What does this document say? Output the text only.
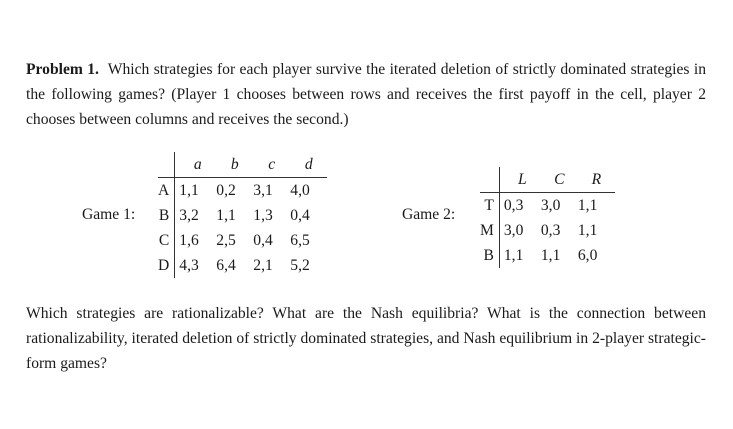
Problem 1. Which strategies for each player survive the iterated deletion of strictly dominated strategies in the following games? (Player 1 chooses between rows and receives the first payoff in the cell, player 2 chooses between columns and receives the second.)

Game 1:
		a	b	c	d
A		1,1	0,2	3,1	4,0
B		3,2	1,1	1,3	0,4
C		1,6	2,5	0,4	6,5
D		4,3	6,4	2,1	5,2
Game 2:
		L	C	R
T		0,3	3,0	1,1
M		3,0	0,3	1,1
B		1,1	1,1	6,0

Which strategies are rationalizable? What are the Nash equilibria? What is the connection between rationalizability, iterated deletion of strictly dominated strategies, and Nash equilibrium in 2-player strategic-form games?
